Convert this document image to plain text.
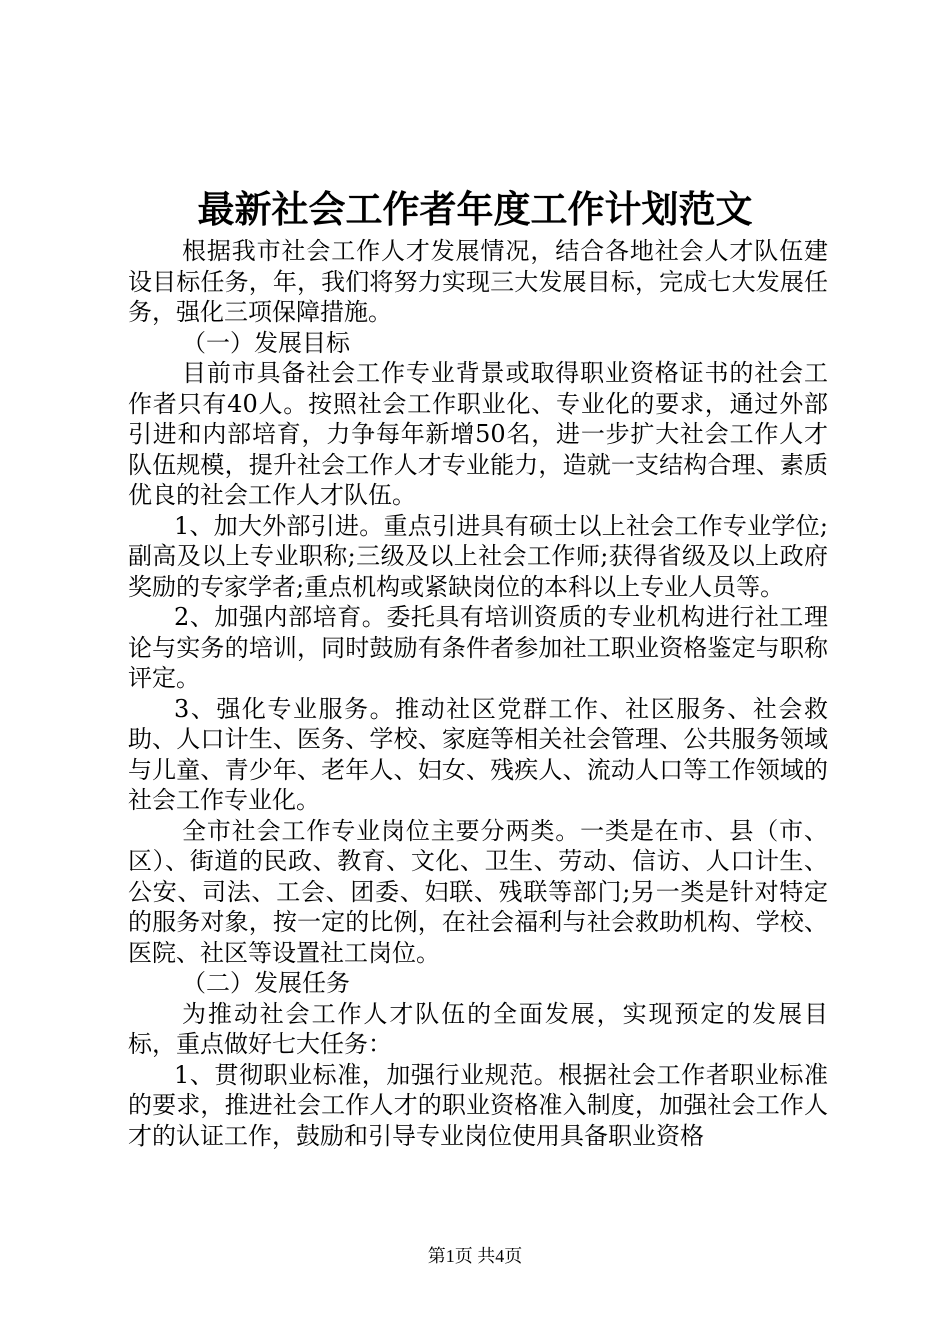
最新社会工作者年度工作计划范文

根据我市社会工作人才发展情况，结合各地社会人才队伍建设目标任务，年，我们将努力实现三大发展目标，完成七大发展任务，强化三项保障措施。

（一）发展目标

目前市具备社会工作专业背景或取得职业资格证书的社会工作者只有40人。按照社会工作职业化、专业化的要求，通过外部引进和内部培育，力争每年新增50名，进一步扩大社会工作人才队伍规模，提升社会工作人才专业能力，造就一支结构合理、素质优良的社会工作人才队伍。

1、加大外部引进。重点引进具有硕士以上社会工作专业学位;副高及以上专业职称;三级及以上社会工作师;获得省级及以上政府奖励的专家学者;重点机构或紧缺岗位的本科以上专业人员等。

2、加强内部培育。委托具有培训资质的专业机构进行社工理论与实务的培训，同时鼓励有条件者参加社工职业资格鉴定与职称评定。

3、强化专业服务。推动社区党群工作、社区服务、社会救助、人口计生、医务、学校、家庭等相关社会管理、公共服务领域与儿童、青少年、老年人、妇女、残疾人、流动人口等工作领域的社会工作专业化。

全市社会工作专业岗位主要分两类。一类是在市、县（市、区）、街道的民政、教育、文化、卫生、劳动、信访、人口计生、公安、司法、工会、团委、妇联、残联等部门;另一类是针对特定的服务对象，按一定的比例，在社会福利与社会救助机构、学校、医院、社区等设置社工岗位。

（二）发展任务

为推动社会工作人才队伍的全面发展，实现预定的发展目标，重点做好七大任务：

1、贯彻职业标准，加强行业规范。根据社会工作者职业标准的要求，推进社会工作人才的职业资格准入制度，加强社会工作人才的认证工作，鼓励和引导专业岗位使用具备职业资格

第1页 共4页
